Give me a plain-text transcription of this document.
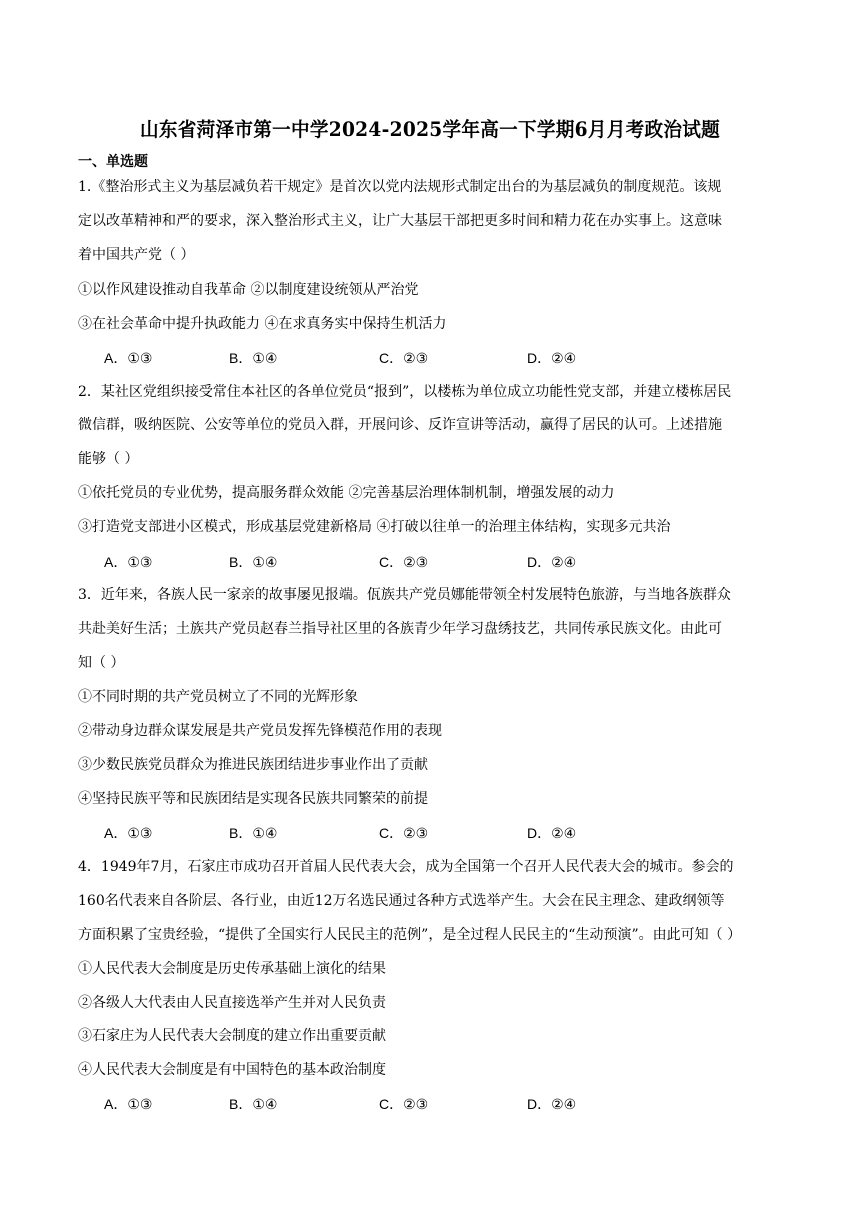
山东省菏泽市第一中学2024-2025学年高一下学期6月月考政治试题
一、单选题
1.《整治形式主义为基层减负若干规定》是首次以党内法规形式制定出台的为基层减负的制度规范。该规
定以改革精神和严的要求，深入整治形式主义，让广大基层干部把更多时间和精力花在办实事上。这意味
着中国共产党（ ）
①以作风建设推动自我革命 ②以制度建设统领从严治党
③在社会革命中提升执政能力 ④在求真务实中保持生机活力
A．①③	B．①④	C．②③	D．②④
2．某社区党组织接受常住本社区的各单位党员“报到”，以楼栋为单位成立功能性党支部，并建立楼栋居民
微信群，吸纳医院、公安等单位的党员入群，开展问诊、反诈宣讲等活动，赢得了居民的认可。上述措施
能够（ ）
①依托党员的专业优势，提高服务群众效能 ②完善基层治理体制机制，增强发展的动力
③打造党支部进小区模式，形成基层党建新格局 ④打破以往单一的治理主体结构，实现多元共治
A．①③	B．①④	C．②③	D．②④
3．近年来，各族人民一家亲的故事屡见报端。佤族共产党员娜能带领全村发展特色旅游，与当地各族群众
共赴美好生活；土族共产党员赵春兰指导社区里的各族青少年学习盘绣技艺，共同传承民族文化。由此可
知（ ）
①不同时期的共产党员树立了不同的光辉形象
②带动身边群众谋发展是共产党员发挥先锋模范作用的表现
③少数民族党员群众为推进民族团结进步事业作出了贡献
④坚持民族平等和民族团结是实现各民族共同繁荣的前提
A．①③	B．①④	C．②③	D．②④
4．1949年7月，石家庄市成功召开首届人民代表大会，成为全国第一个召开人民代表大会的城市。参会的
160名代表来自各阶层、各行业，由近12万名选民通过各种方式选举产生。大会在民主理念、建政纲领等
方面积累了宝贵经验，“提供了全国实行人民民主的范例”，是全过程人民民主的“生动预演”。由此可知（ ）
①人民代表大会制度是历史传承基础上演化的结果
②各级人大代表由人民直接选举产生并对人民负责
③石家庄为人民代表大会制度的建立作出重要贡献
④人民代表大会制度是有中国特色的基本政治制度
A．①③	B．①④	C．②③	D．②④
